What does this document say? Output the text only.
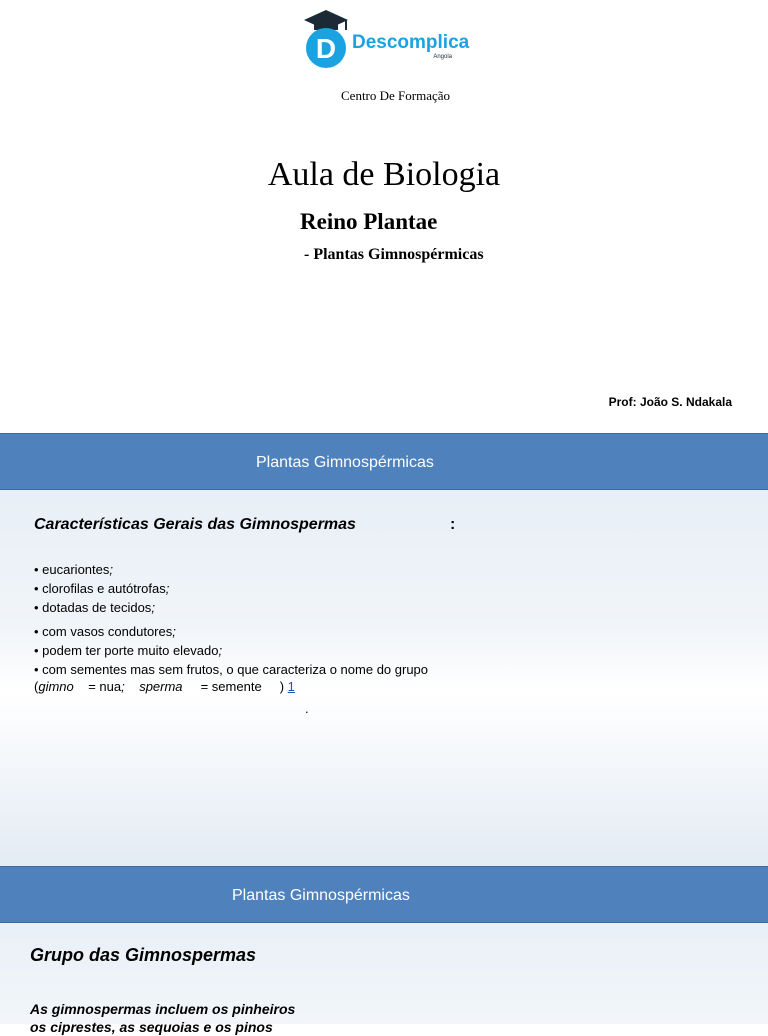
D Descomplica
Angola
Centro De Formação
Aula de Biologia
Reino Plantae
- Plantas Gimnospérmicas
Prof: João S. Ndakala
Plantas Gimnospérmicas
Características Gerais das Gimnospermas	:
• eucariontes;
• clorofilas e autótrofas;
• dotadas de tecidos;
• com vasos condutores;
• podem ter porte muito elevado;
• com sementes mas sem frutos, o que caracteriza o nome do grupo
(gimno    = nua; sperma     = semente     ) 1
.
Plantas Gimnospérmicas
Grupo das Gimnospermas
As gimnospermas incluem os pinheiros
os ciprestes, as sequoias e os pinos
